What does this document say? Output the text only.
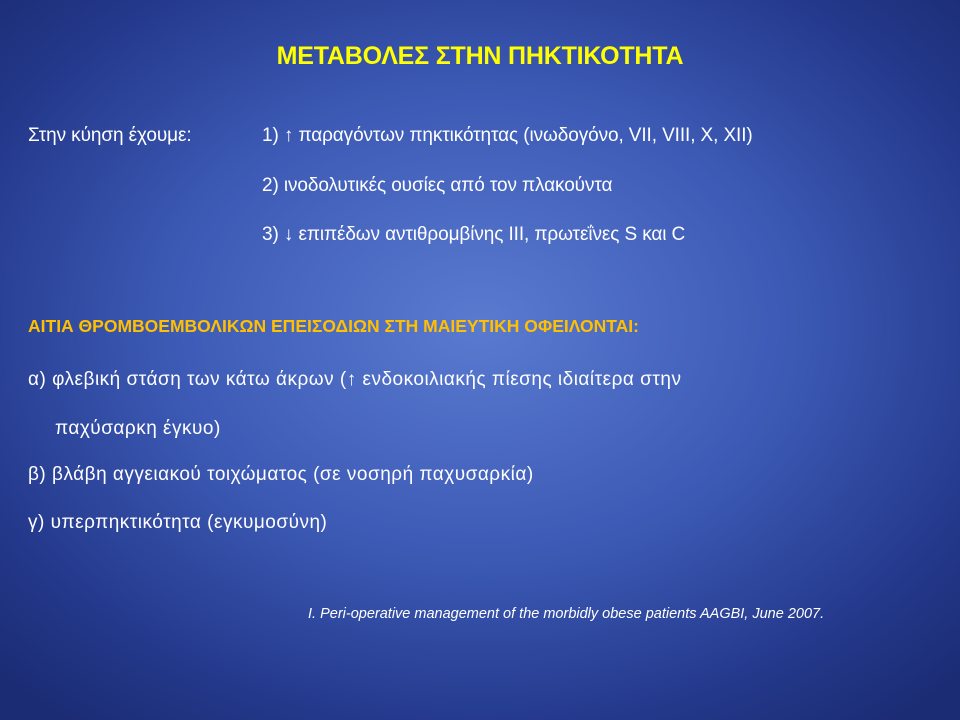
ΜΕΤΑΒΟΛΕΣ ΣΤΗΝ ΠΗΚΤΙΚΟΤΗΤΑ
Στην κύηση έχουμε:	1) ↑ παραγόντων πηκτικότητας (ινωδογόνο, VII, VIII, X, XII)
2) ινοδολυτικές ουσίες από τον πλακούντα
3) ↓ επιπέδων αντιθρομβίνης ΙΙΙ, πρωτεΐνες S και C
ΑΙΤΙΑ ΘΡΟΜΒΟΕΜΒΟΛΙΚΩΝ ΕΠΕΙΣΟΔΙΩΝ ΣΤΗ ΜΑΙΕΥΤΙΚΗ ΟΦΕΙΛΟΝΤΑΙ:
α) φλεβική στάση των κάτω άκρων (↑ ενδοκοιλιακής πίεσης ιδιαίτερα στην
παχύσαρκη έγκυο)
β) βλάβη αγγειακού τοιχώματος (σε νοσηρή παχυσαρκία)
γ) υπερπηκτικότητα (εγκυμοσύνη)
I. Peri-operative management of the morbidly obese patients AAGBI, June 2007.
